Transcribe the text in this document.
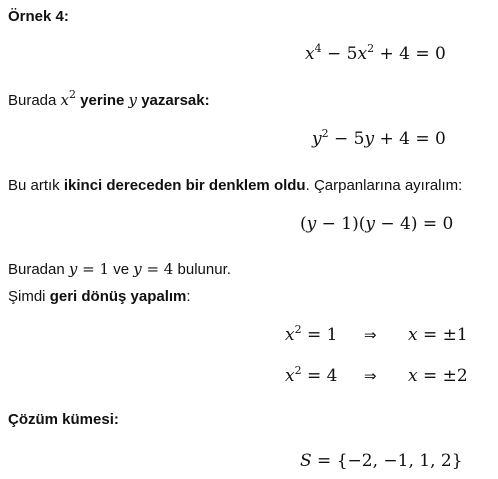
Örnek 4:
$x^4 - 5x^2 + 4 = 0$
Burada $x^2$ yerine y yazarsak:
$y^2 - 5y + 4 = 0$
Bu artık ikinci dereceden bir denklem oldu. Çarpanlarına ayıralım:
(y − 1)(y − 4) = 0
Buradan y = 1 ve y = 4 bulunur.
Şimdi geri dönüş yapalım:
$x^2 = 1$ ⇒ x = ±1
$x^2 = 4$ ⇒ x = ±2
Çözüm kümesi:
S = {−2, −1, 1, 2}
